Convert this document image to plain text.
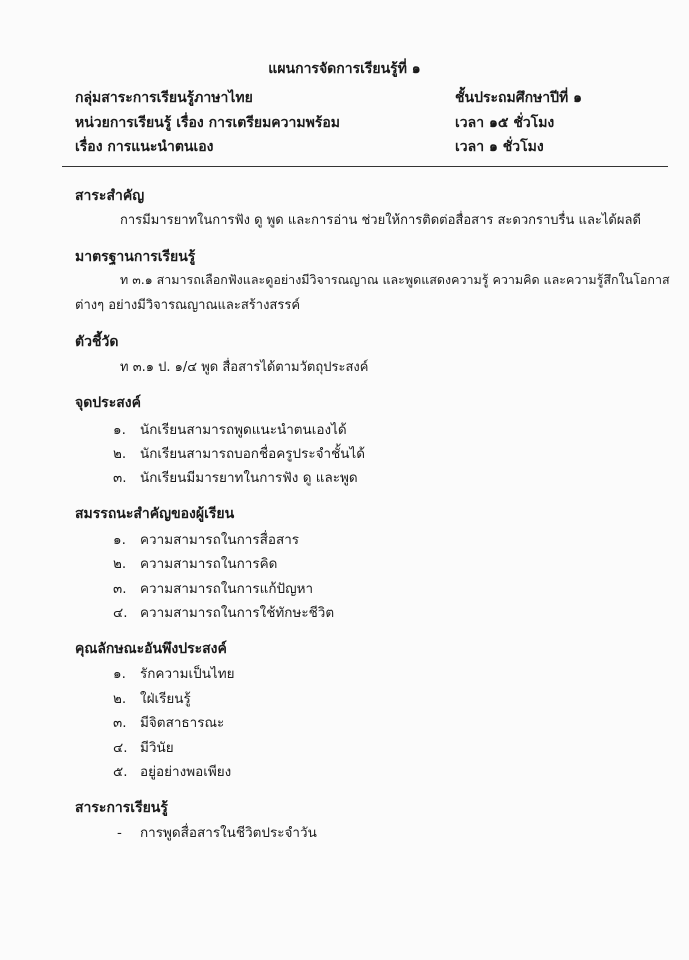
แผนการจัดการเรียนรู้ที่ ๑
กลุ่มสาระการเรียนรู้ภาษาไทย	ชั้นประถมศึกษาปีที่ ๑
หน่วยการเรียนรู้ เรื่อง การเตรียมความพร้อม	เวลา ๑๕ ชั่วโมง
เรื่อง การแนะนำตนเอง	เวลา ๑ ชั่วโมง
สาระสำคัญ
การมีมารยาทในการฟัง ดู พูด และการอ่าน ช่วยให้การติดต่อสื่อสาร สะดวกราบรื่น และได้ผลดี
มาตรฐานการเรียนรู้
ท ๓.๑ สามารถเลือกฟังและดูอย่างมีวิจารณญาณ และพูดแสดงความรู้ ความคิด และความรู้สึกในโอกาส
ต่างๆ อย่างมีวิจารณญาณและสร้างสรรค์
ตัวชี้วัด
ท ๓.๑ ป. ๑/๔ พูด สื่อสารได้ตามวัตถุประสงค์
จุดประสงค์
๑. นักเรียนสามารถพูดแนะนำตนเองได้
๒. นักเรียนสามารถบอกชื่อครูประจำชั้นได้
๓. นักเรียนมีมารยาทในการฟัง ดู และพูด
สมรรถนะสำคัญของผู้เรียน
๑. ความสามารถในการสื่อสาร
๒. ความสามารถในการคิด
๓. ความสามารถในการแก้ปัญหา
๔. ความสามารถในการใช้ทักษะชีวิต
คุณลักษณะอันพึงประสงค์
๑. รักความเป็นไทย
๒. ใฝ่เรียนรู้
๓. มีจิตสาธารณะ
๔. มีวินัย
๕. อยู่อย่างพอเพียง
สาระการเรียนรู้
- การพูดสื่อสารในชีวิตประจำวัน
